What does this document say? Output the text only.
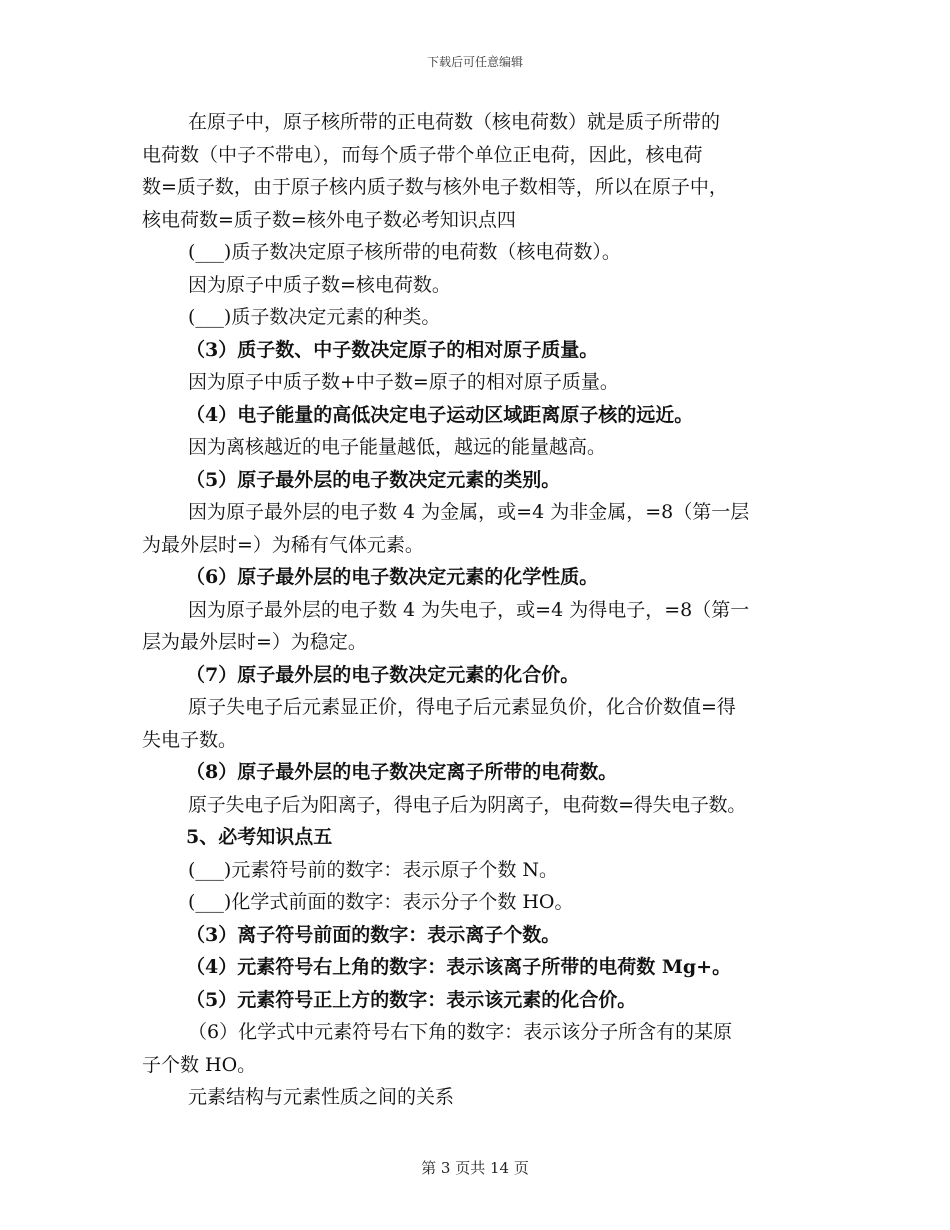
下载后可任意编辑
在原子中，原子核所带的正电荷数（核电荷数）就是质子所带的
电荷数（中子不带电），而每个质子带个单位正电荷，因此，核电荷
数=质子数，由于原子核内质子数与核外电子数相等，所以在原子中，
核电荷数=质子数=核外电子数必考知识点四
(___)质子数决定原子核所带的电荷数（核电荷数）。
因为原子中质子数=核电荷数。
(___)质子数决定元素的种类。
（3）质子数、中子数决定原子的相对原子质量。
因为原子中质子数+中子数=原子的相对原子质量。
（4）电子能量的高低决定电子运动区域距离原子核的远近。
因为离核越近的电子能量越低，越远的能量越高。
（5）原子最外层的电子数决定元素的类别。
因为原子最外层的电子数 4 为金属，或=4 为非金属，=8（第一层
为最外层时=）为稀有气体元素。
（6）原子最外层的电子数决定元素的化学性质。
因为原子最外层的电子数 4 为失电子，或=4 为得电子，=8（第一
层为最外层时=）为稳定。
（7）原子最外层的电子数决定元素的化合价。
原子失电子后元素显正价，得电子后元素显负价，化合价数值=得
失电子数。
（8）原子最外层的电子数决定离子所带的电荷数。
原子失电子后为阳离子，得电子后为阴离子，电荷数=得失电子数。
5、必考知识点五
(___)元素符号前的数字：表示原子个数 N。
(___)化学式前面的数字：表示分子个数 HO。
（3）离子符号前面的数字：表示离子个数。
（4）元素符号右上角的数字：表示该离子所带的电荷数 Mg+。
（5）元素符号正上方的数字：表示该元素的化合价。
（6）化学式中元素符号右下角的数字：表示该分子所含有的某原
子个数 HO。
元素结构与元素性质之间的关系
第 3 页共 14 页
